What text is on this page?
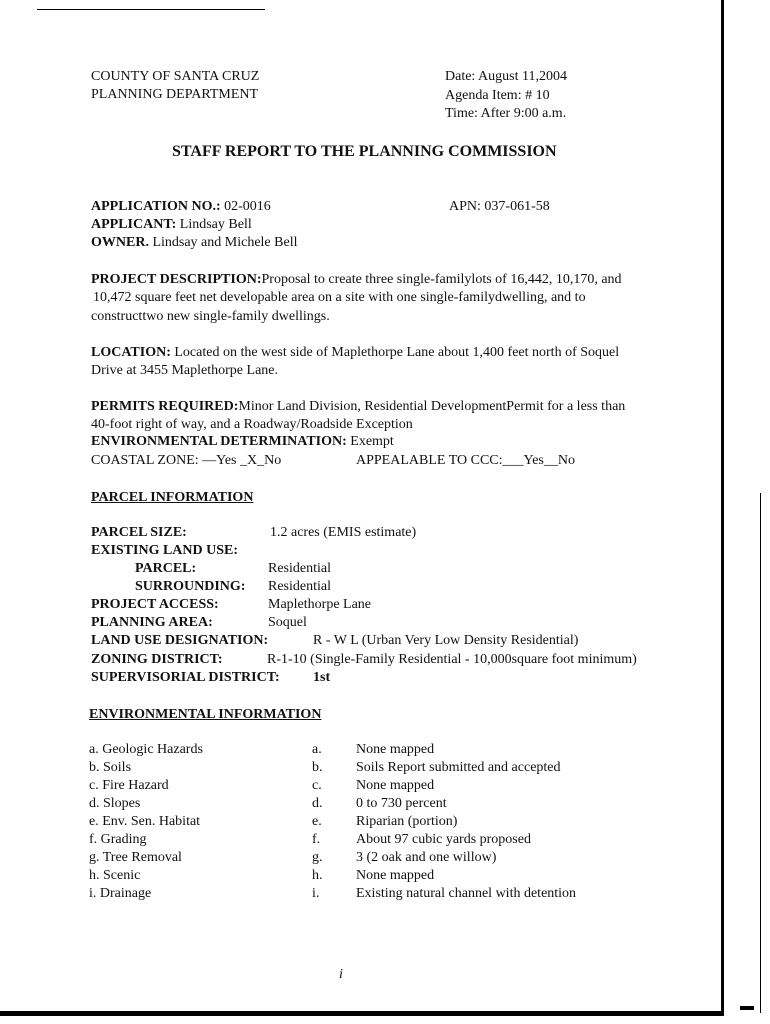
COUNTY OF SANTA CRUZ
PLANNING DEPARTMENT
Date: August 11,2004
Agenda Item: # 10
Time: After 9:00 a.m.
STAFF REPORT TO THE PLANNING COMMISSION
APPLICATION NO.: 02-0016	APN: 037-061-58
APPLICANT: Lindsay Bell
OWNER. Lindsay and Michele Bell
PROJECT DESCRIPTION:Proposal to create three single-familylots of 16,442, 10,170, and
10,472 square feet net developable area on a site with one single-familydwelling, and to
constructtwo new single-family dwellings.
LOCATION: Located on the west side of Maplethorpe Lane about 1,400 feet north of Soquel
Drive at 3455 Maplethorpe Lane.
PERMITS REQUIRED:Minor Land Division, Residential DevelopmentPermit for a less than
40-foot right of way, and a Roadway/Roadside Exception
ENVIRONMENTAL DETERMINATION: Exempt
COASTAL ZONE: —Yes _X_No	APPEALABLE TO CCC:___Yes__No
PARCEL INFORMATION
PARCEL SIZE:	1.2 acres (EMIS estimate)
EXISTING LAND USE:
PARCEL:	Residential
SURROUNDING: Residential
PROJECT ACCESS:	Maplethorpe Lane
PLANNING AREA:	Soquel
LAND USE DESIGNATION:	R - W L (Urban Very Low Density Residential)
ZONING DISTRICT:	R-1-10 (Single-Family Residential - 10,000square foot minimum)
SUPERVISORIAL DISTRICT: 1st
ENVIRONMENTAL INFORMATION
a. Geologic Hazards	a. None mapped
b. Soils	b. Soils Report submitted and accepted
c. Fire Hazard	c. None mapped
d. Slopes	d. 0 to 730 percent
e. Env. Sen. Habitat	e. Riparian (portion)
f. Grading	f.	About 97 cubic yards proposed
g. Tree Removal	g. 3 (2 oak and one willow)
h. Scenic	h. None mapped
i. Drainage	i.	Existing natural channel with detention
i
